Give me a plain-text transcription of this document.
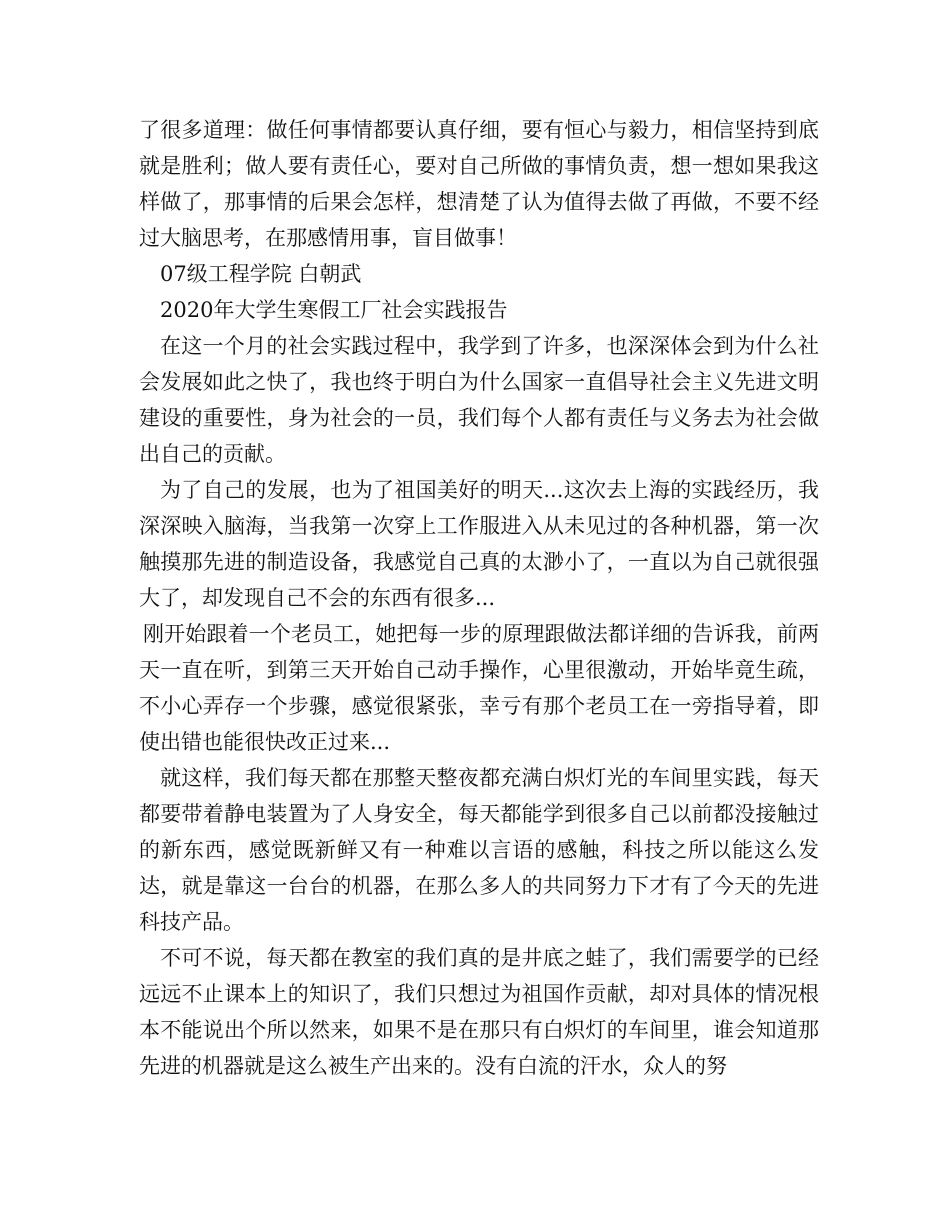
了很多道理：做任何事情都要认真仔细，要有恒心与毅力，相信坚持到底就是胜利；做人要有责任心，要对自己所做的事情负责，想一想如果我这样做了，那事情的后果会怎样，想清楚了认为值得去做了再做，不要不经过大脑思考，在那感情用事，盲目做事！

07级工程学院 白朝武

2020年大学生寒假工厂社会实践报告

在这一个月的社会实践过程中，我学到了许多，也深深体会到为什么社会发展如此之快了，我也终于明白为什么国家一直倡导社会主义先进文明建设的重要性，身为社会的一员，我们每个人都有责任与义务去为社会做出自己的贡献。

为了自己的发展，也为了祖国美好的明天...这次去上海的实践经历，我深深映入脑海，当我第一次穿上工作服进入从未见过的各种机器，第一次触摸那先进的制造设备，我感觉自己真的太渺小了，一直以为自己就很强大了，却发现自己不会的东西有很多...

刚开始跟着一个老员工，她把每一步的原理跟做法都详细的告诉我，前两天一直在听，到第三天开始自己动手操作，心里很激动，开始毕竟生疏，不小心弄存一个步骤，感觉很紧张，幸亏有那个老员工在一旁指导着，即使出错也能很快改正过来...

就这样，我们每天都在那整天整夜都充满白炽灯光的车间里实践，每天都要带着静电装置为了人身安全，每天都能学到很多自己以前都没接触过的新东西，感觉既新鲜又有一种难以言语的感触，科技之所以能这么发达，就是靠这一台台的机器，在那么多人的共同努力下才有了今天的先进科技产品。

不可不说，每天都在教室的我们真的是井底之蛙了，我们需要学的已经远远不止课本上的知识了，我们只想过为祖国作贡献，却对具体的情况根本不能说出个所以然来，如果不是在那只有白炽灯的车间里，谁会知道那先进的机器就是这么被生产出来的。没有白流的汗水，众人的努
